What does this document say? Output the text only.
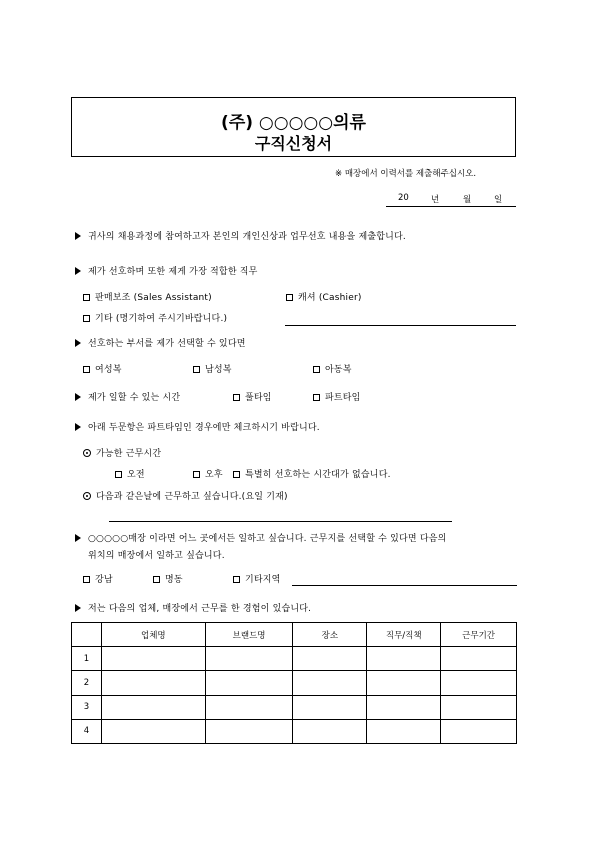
(주) ○○○○○의류
구직신청서
※ 매장에서 이력서를 제출해주십시오.
20	년	월	일
귀사의 채용과정에 참여하고자 본인의 개인신상과 업무선호 내용을 제출합니다.
제가 선호하며 또한 제게 가장 적합한 직무
판매보조 (Sales Assistant)	캐셔 (Cashier)
기타 (명기하여 주시기바랍니다.)
선호하는 부서를 제가 선택할 수 있다면
여성복	남성복	아동복
제가 일할 수 있는 시간	풀타임	파트타임
아래 두문항은 파트타임인 경우에만 체크하시기 바랍니다.
가능한 근무시간
오전	오후	특별히 선호하는 시간대가 없습니다.
다음과 같은날에 근무하고 싶습니다.(요일 기재)
○○○○○매장 이라면 어느 곳에서든 일하고 싶습니다. 근무지를 선택할 수 있다면 다음의
위치의 매장에서 일하고 싶습니다.
강남	명동	기타지역
저는 다음의 업체, 매장에서 근무를 한 경험이 있습니다.
	업체명	브랜드명	장소	직무/직책	근무기간
1					
2					
3					
4					
